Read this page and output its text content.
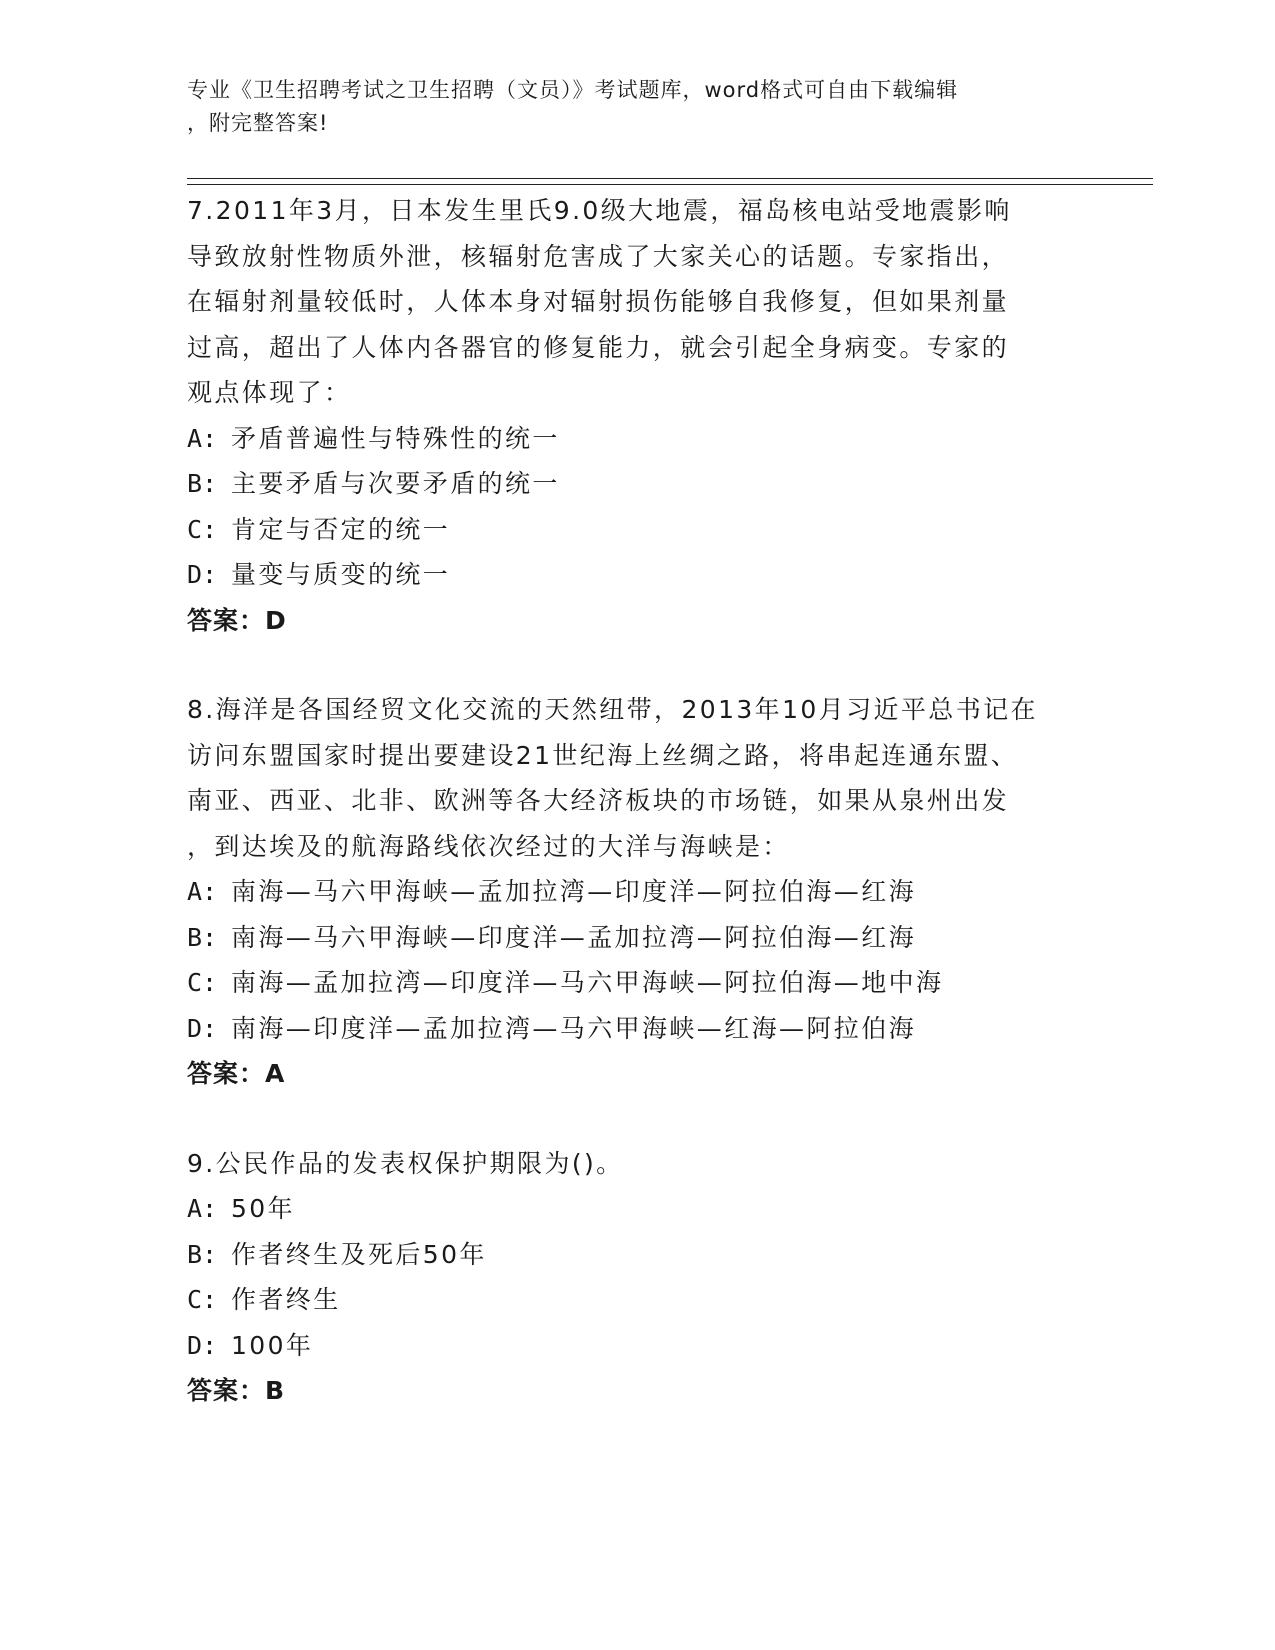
专业《卫生招聘考试之卫生招聘（文员）》考试题库，word格式可自由下载编辑
，附完整答案!
7.2011年3月，日本发生里氏9.0级大地震，福岛核电站受地震影响
导致放射性物质外泄，核辐射危害成了大家关心的话题。专家指出，
在辐射剂量较低时，人体本身对辐射损伤能够自我修复，但如果剂量
过高，超出了人体内各器官的修复能力，就会引起全身病变。专家的
观点体现了：
A: 矛盾普遍性与特殊性的统一
B: 主要矛盾与次要矛盾的统一
C: 肯定与否定的统一
D: 量变与质变的统一
答案：D
8.海洋是各国经贸文化交流的天然纽带，2013年10月习近平总书记在
访问东盟国家时提出要建设21世纪海上丝绸之路，将串起连通东盟、
南亚、西亚、北非、欧洲等各大经济板块的市场链，如果从泉州出发
，到达埃及的航海路线依次经过的大洋与海峡是：
A: 南海—马六甲海峡—孟加拉湾—印度洋—阿拉伯海—红海
B: 南海—马六甲海峡—印度洋—孟加拉湾—阿拉伯海—红海
C: 南海—孟加拉湾—印度洋—马六甲海峡—阿拉伯海—地中海
D: 南海—印度洋—孟加拉湾—马六甲海峡—红海—阿拉伯海
答案：A
9.公民作品的发表权保护期限为()。
A: 50年
B: 作者终生及死后50年
C: 作者终生
D: 100年
答案：B
